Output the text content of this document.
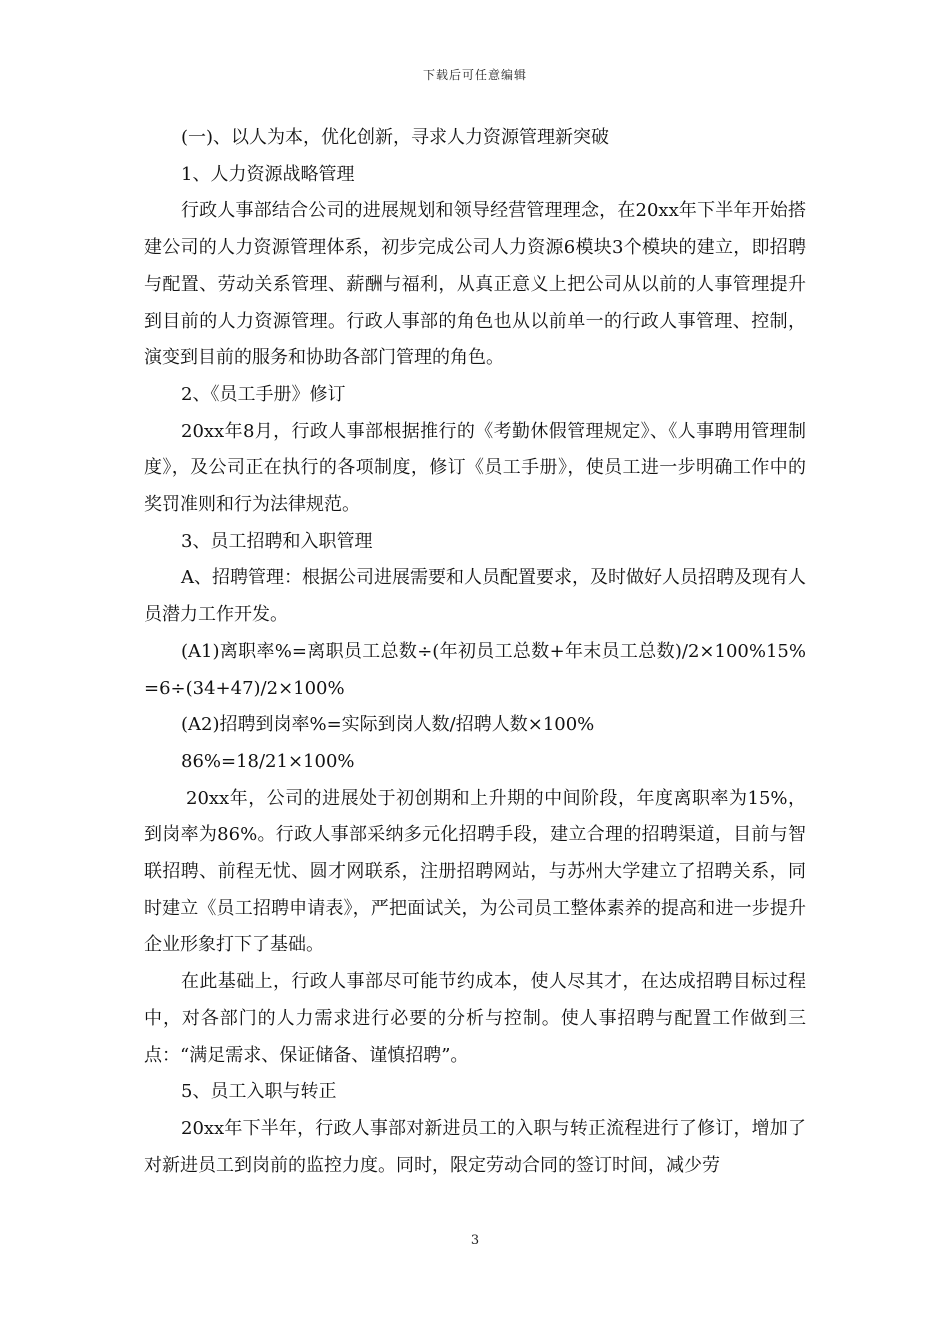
下载后可任意编辑

(一)、以人为本，优化创新，寻求人力资源管理新突破

1、人力资源战略管理

行政人事部结合公司的进展规划和领导经营管理理念，在20xx年下半年开始搭建公司的人力资源管理体系，初步完成公司人力资源6模块3个模块的建立，即招聘与配置、劳动关系管理、薪酬与福利，从真正意义上把公司从以前的人事管理提升到目前的人力资源管理。行政人事部的角色也从以前单一的行政人事管理、控制，演变到目前的服务和协助各部门管理的角色。

2、《员工手册》修订

20xx年8月，行政人事部根据推行的《考勤休假管理规定》、《人事聘用管理制度》，及公司正在执行的各项制度，修订《员工手册》，使员工进一步明确工作中的奖罚准则和行为法律规范。

3、员工招聘和入职管理

A、招聘管理：根据公司进展需要和人员配置要求，及时做好人员招聘及现有人员潜力工作开发。

(A1)离职率%=离职员工总数÷(年初员工总数+年末员工总数)/2×100%15%=6÷(34+47)/2×100%

(A2)招聘到岗率%=实际到岗人数/招聘人数×100%

86%=18/21×100%

20xx年，公司的进展处于初创期和上升期的中间阶段，年度离职率为15%，到岗率为86%。行政人事部采纳多元化招聘手段，建立合理的招聘渠道，目前与智联招聘、前程无忧、圆才网联系，注册招聘网站，与苏州大学建立了招聘关系，同时建立《员工招聘申请表》，严把面试关，为公司员工整体素养的提高和进一步提升企业形象打下了基础。

在此基础上，行政人事部尽可能节约成本，使人尽其才，在达成招聘目标过程中，对各部门的人力需求进行必要的分析与控制。使人事招聘与配置工作做到三点：“满足需求、保证储备、谨慎招聘”。

5、员工入职与转正

20xx年下半年，行政人事部对新进员工的入职与转正流程进行了修订，增加了对新进员工到岗前的监控力度。同时，限定劳动合同的签订时间，减少劳

3
